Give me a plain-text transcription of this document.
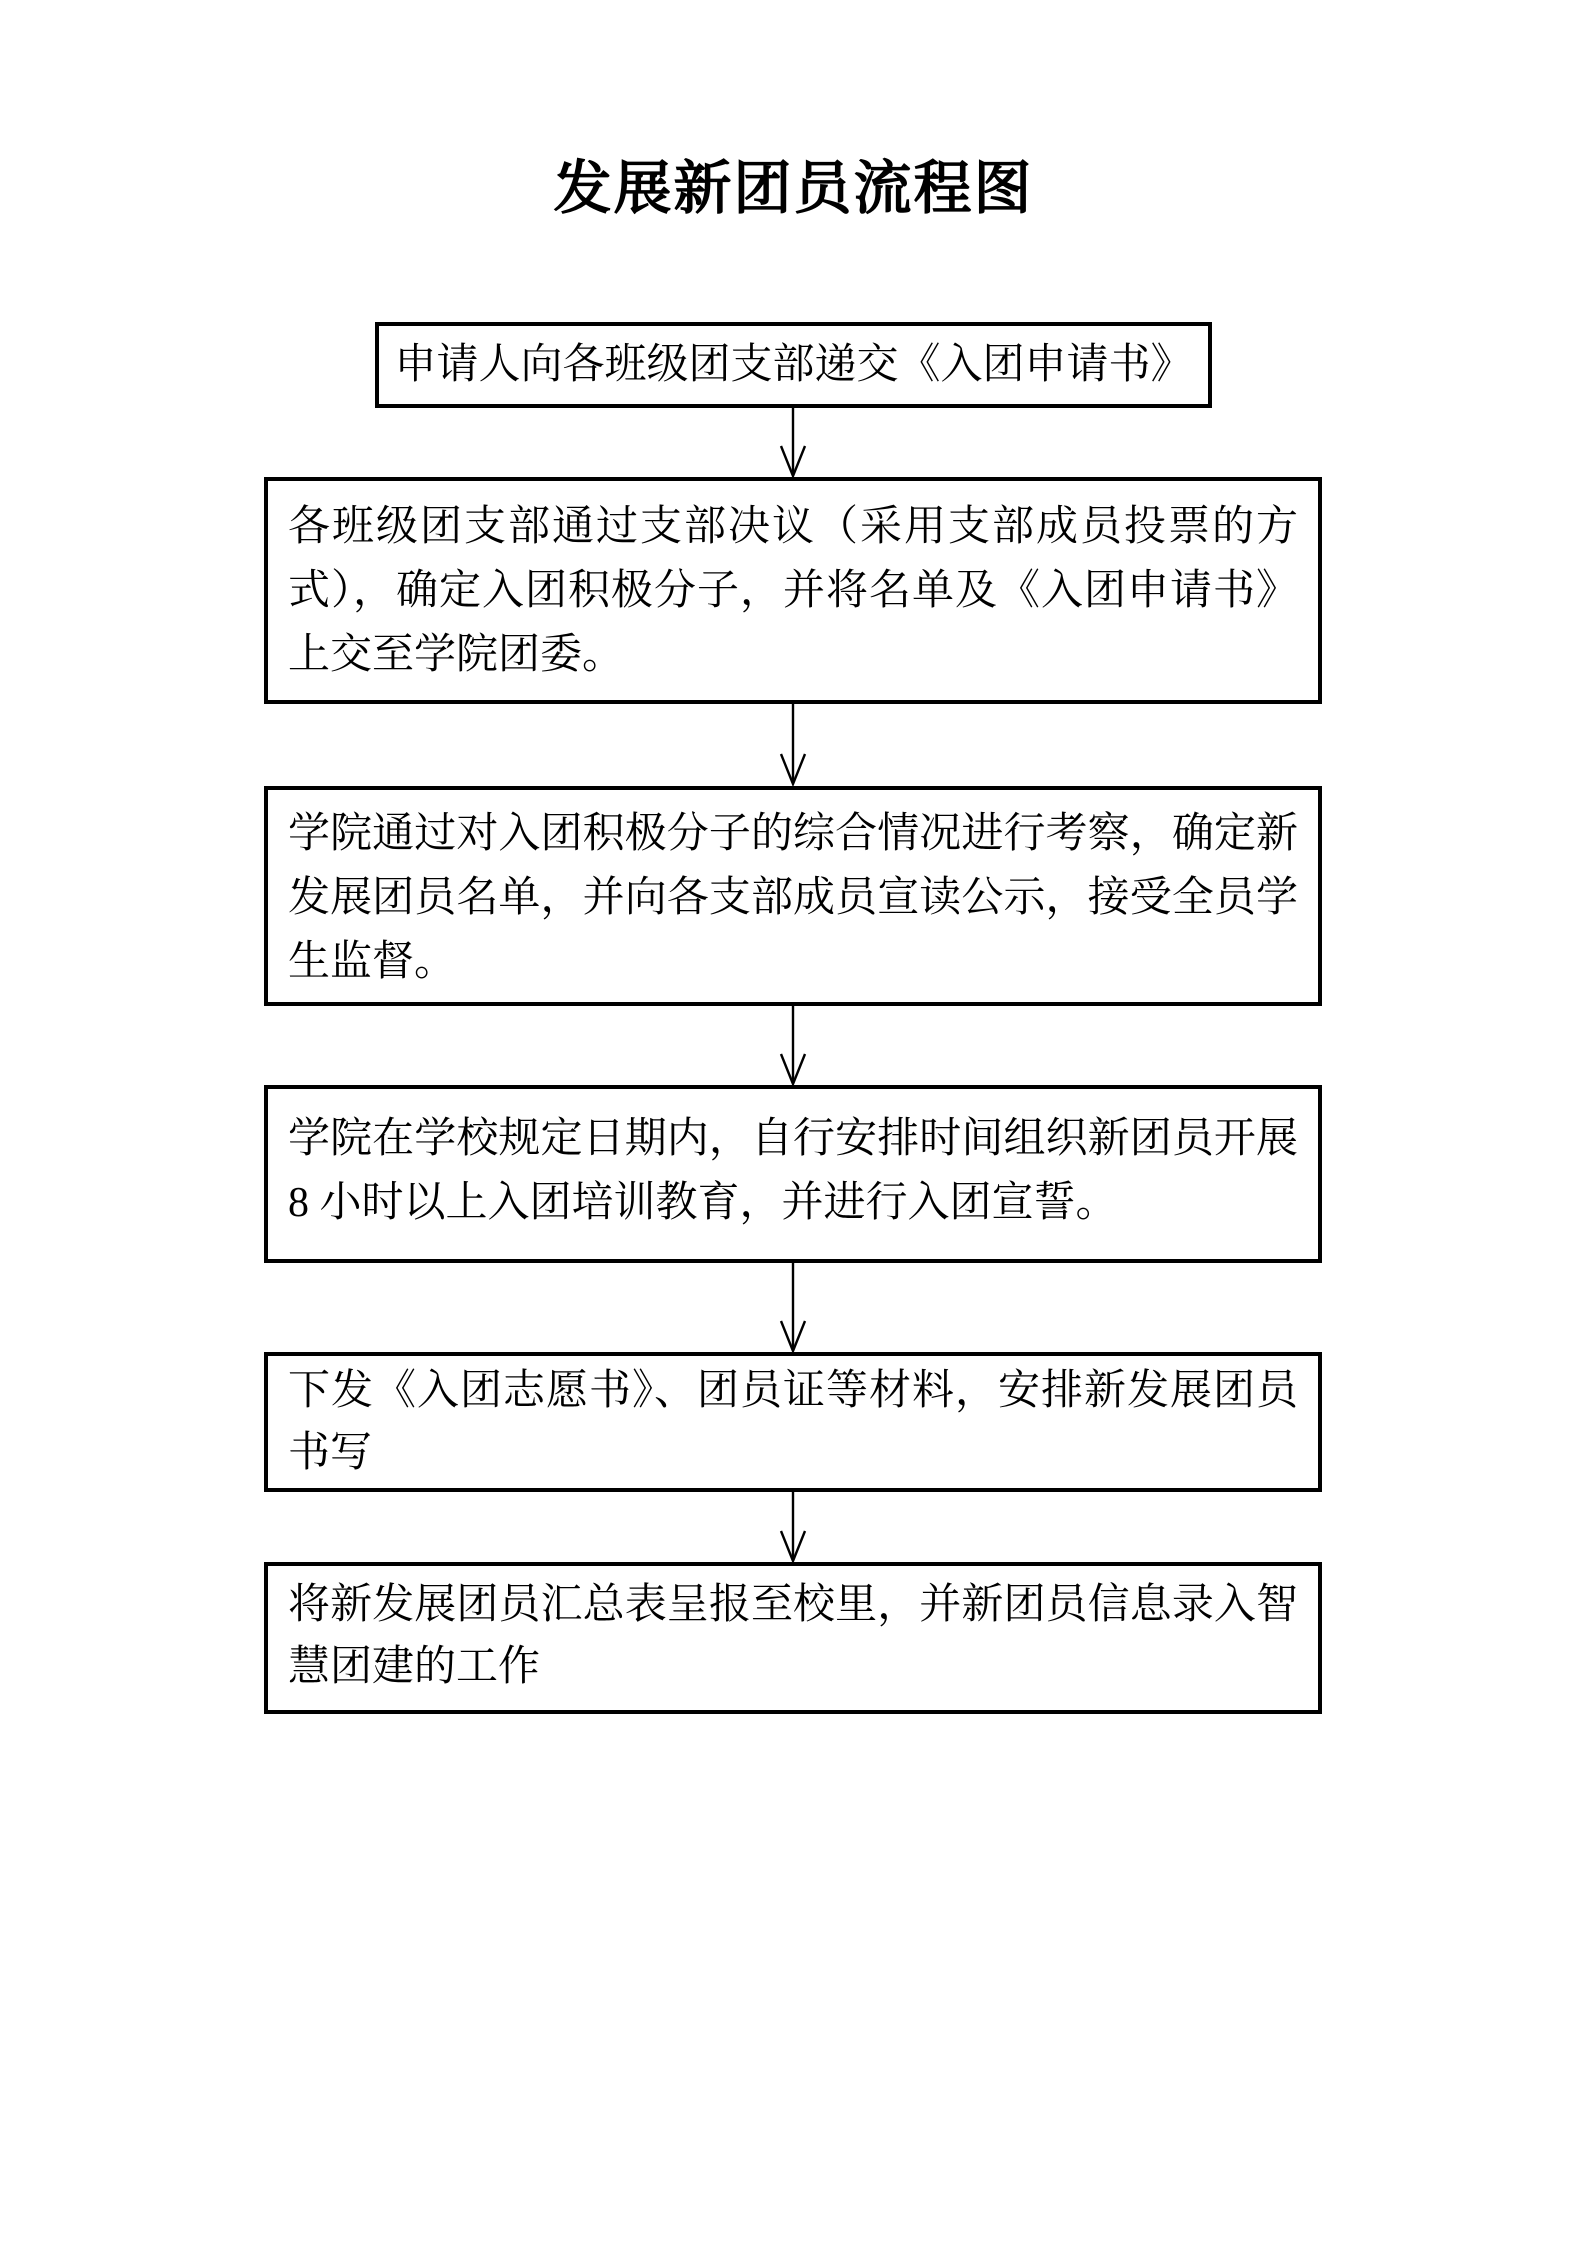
发展新团员流程图
申请人向各班级团支部递交《入团申请书》
各班级团支部通过支部决议（采用支部成员投票的方式），确定入团积极分子，并将名单及《入团申请书》上交至学院团委。
学院通过对入团积极分子的综合情况进行考察，确定新发展团员名单，并向各支部成员宣读公示，接受全员学生监督。
学院在学校规定日期内，自行安排时间组织新团员开展 8 小时以上入团培训教育，并进行入团宣誓。
下发《入团志愿书》、团员证等材料，安排新发展团员书写
将新发展团员汇总表呈报至校里，并新团员信息录入智慧团建的工作
